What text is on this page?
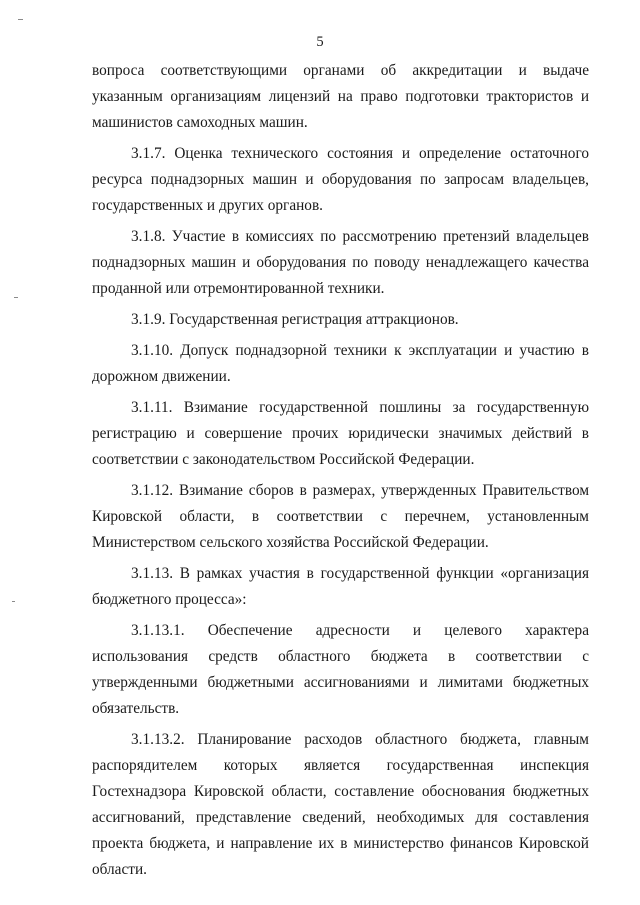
5

вопроса соответствующими органами об аккредитации и выдаче указанным организациям лицензий на право подготовки трактористов и машинистов самоходных машин.

3.1.7. Оценка технического состояния и определение остаточного ресурса поднадзорных машин и оборудования по запросам владельцев, государственных и других органов.

3.1.8. Участие в комиссиях по рассмотрению претензий владельцев поднадзорных машин и оборудования по поводу ненадлежащего качества проданной или отремонтированной техники.

3.1.9. Государственная регистрация аттракционов.

3.1.10. Допуск поднадзорной техники к эксплуатации и участию в дорожном движении.

3.1.11. Взимание государственной пошлины за государственную регистрацию и совершение прочих юридически значимых действий в соответствии с законодательством Российской Федерации.

3.1.12. Взимание сборов в размерах, утвержденных Правительством Кировской области, в соответствии с перечнем, установленным Министерством сельского хозяйства Российской Федерации.

3.1.13. В рамках участия в государственной функции «организация бюджетного процесса»:

3.1.13.1. Обеспечение адресности и целевого характера использования средств областного бюджета в соответствии с утвержденными бюджетными ассигнованиями и лимитами бюджетных обязательств.

3.1.13.2. Планирование расходов областного бюджета, главным распорядителем которых является государственная инспекция Гостехнадзора Кировской области, составление обоснования бюджетных ассигнований, представление сведений, необходимых для составления проекта бюджета, и направление их в министерство финансов Кировской области.
